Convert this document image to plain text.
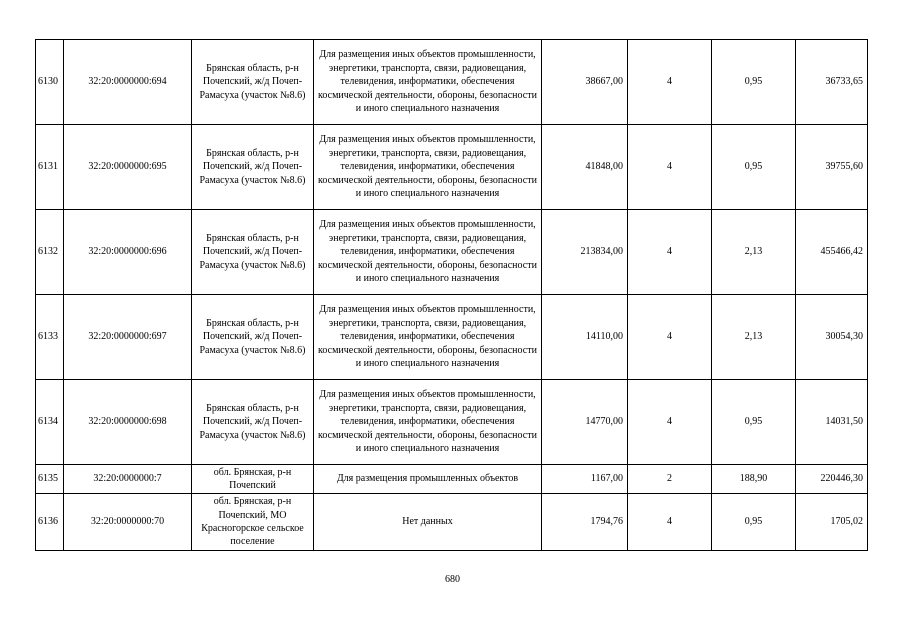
6130	32:20:0000000:694	Брянская область, р-н Почепский, ж/д Почеп-Рамасуха (участок №8.6)	Для размещения иных объектов промышленности, энергетики, транспорта, связи, радиовещания, телевидения, информатики, обеспечения космической деятельности, обороны, безопасности и иного специального назначения	38667,00	4	0,95	36733,65
6131	32:20:0000000:695	Брянская область, р-н Почепский, ж/д Почеп-Рамасуха (участок №8.6)	Для размещения иных объектов промышленности, энергетики, транспорта, связи, радиовещания, телевидения, информатики, обеспечения космической деятельности, обороны, безопасности и иного специального назначения	41848,00	4	0,95	39755,60
6132	32:20:0000000:696	Брянская область, р-н Почепский, ж/д Почеп-Рамасуха (участок №8.6)	Для размещения иных объектов промышленности, энергетики, транспорта, связи, радиовещания, телевидения, информатики, обеспечения космической деятельности, обороны, безопасности и иного специального назначения	213834,00	4	2,13	455466,42
6133	32:20:0000000:697	Брянская область, р-н Почепский, ж/д Почеп-Рамасуха (участок №8.6)	Для размещения иных объектов промышленности, энергетики, транспорта, связи, радиовещания, телевидения, информатики, обеспечения космической деятельности, обороны, безопасности и иного специального назначения	14110,00	4	2,13	30054,30
6134	32:20:0000000:698	Брянская область, р-н Почепский, ж/д Почеп-Рамасуха (участок №8.6)	Для размещения иных объектов промышленности, энергетики, транспорта, связи, радиовещания, телевидения, информатики, обеспечения космической деятельности, обороны, безопасности и иного специального назначения	14770,00	4	0,95	14031,50
6135	32:20:0000000:7	обл. Брянская, р-н Почепский	Для размещения промышленных объектов	1167,00	2	188,90	220446,30
6136	32:20:0000000:70	обл. Брянская, р-н Почепский, МО Красногорское сельское поселение	Нет данных	1794,76	4	0,95	1705,02
680
